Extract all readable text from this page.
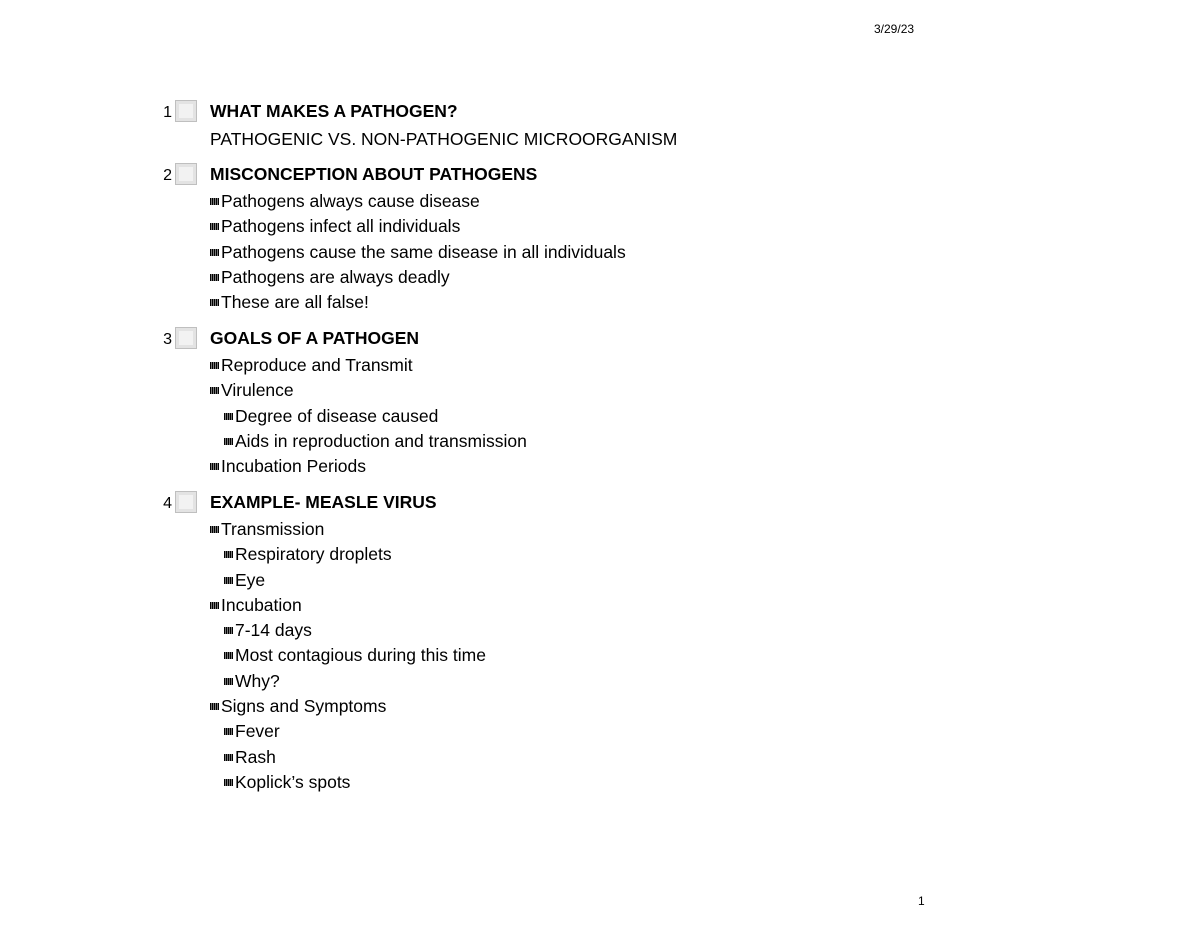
3/29/23
1 WHAT MAKES A PATHOGEN?
PATHOGENIC VS. NON-PATHOGENIC MICROORGANISM
2 MISCONCEPTION ABOUT PATHOGENS
Pathogens always cause disease
Pathogens infect all individuals
Pathogens cause the same disease in all individuals
Pathogens are always deadly
These are all false!
3 GOALS OF A PATHOGEN
Reproduce and Transmit
Virulence
Degree of disease caused
Aids in reproduction and transmission
Incubation Periods
4 EXAMPLE- MEASLE VIRUS
Transmission
Respiratory droplets
Eye
Incubation
7-14 days
Most contagious during this time
Why?
Signs and Symptoms
Fever
Rash
Koplick’s spots
1
